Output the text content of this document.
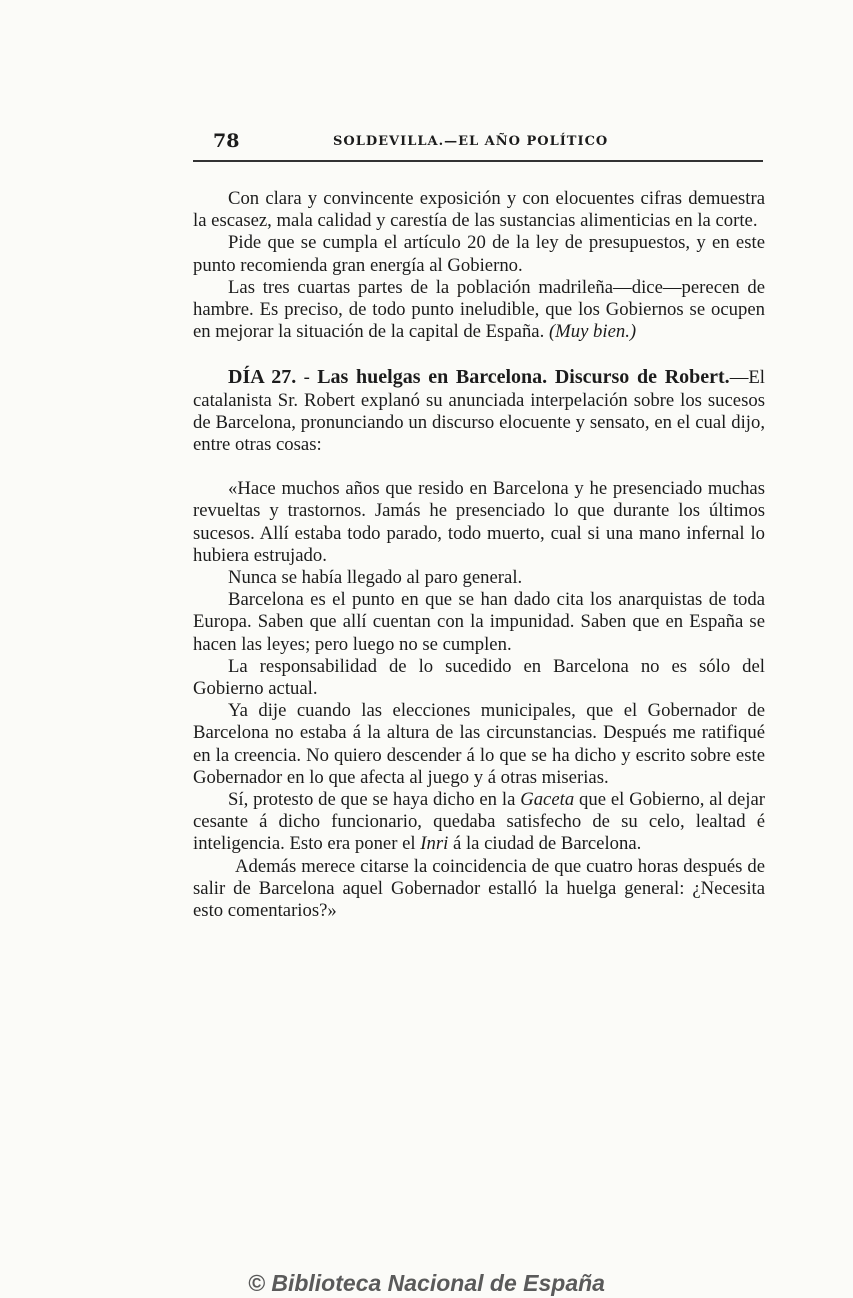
78	SOLDEVILLA.—EL AÑO POLÍTICO

Con clara y convincente exposición y con elocuentes cifras demuestra la escasez, mala calidad y carestía de las sustancias alimenticias en la corte.

Pide que se cumpla el artículo 20 de la ley de presupuestos, y en este punto recomienda gran energía al Gobierno.

Las tres cuartas partes de la población madrileña—dice—perecen de hambre. Es preciso, de todo punto ineludible, que los Gobiernos se ocupen en mejorar la situación de la capital de España. (Muy bien.)

DÍA 27. - Las huelgas en Barcelona. Discurso de Robert.—El catalanista Sr. Robert explanó su anunciada interpelación sobre los sucesos de Barcelona, pronunciando un discurso elocuente y sensato, en el cual dijo, entre otras cosas:

«Hace muchos años que resido en Barcelona y he presenciado muchas revueltas y trastornos. Jamás he presenciado lo que durante los últimos sucesos. Allí estaba todo parado, todo muerto, cual si una mano infernal lo hubiera estrujado.

Nunca se había llegado al paro general.

Barcelona es el punto en que se han dado cita los anarquistas de toda Europa. Saben que allí cuentan con la impunidad. Saben que en España se hacen las leyes; pero luego no se cumplen.

La responsabilidad de lo sucedido en Barcelona no es sólo del Gobierno actual.

Ya dije cuando las elecciones municipales, que el Gobernador de Barcelona no estaba á la altura de las circunstancias. Después me ratifiqué en la creencia. No quiero descender á lo que se ha dicho y escrito sobre este Gobernador en lo que afecta al juego y á otras miserias.

Sí, protesto de que se haya dicho en la Gaceta que el Gobierno, al dejar cesante á dicho funcionario, quedaba satisfecho de su celo, lealtad é inteligencia. Esto era poner el Inri á la ciudad de Barcelona.

Además merece citarse la coincidencia de que cuatro horas después de salir de Barcelona aquel Gobernador estalló la huelga general: ¿Necesita esto comentarios?»

© Biblioteca Nacional de España
